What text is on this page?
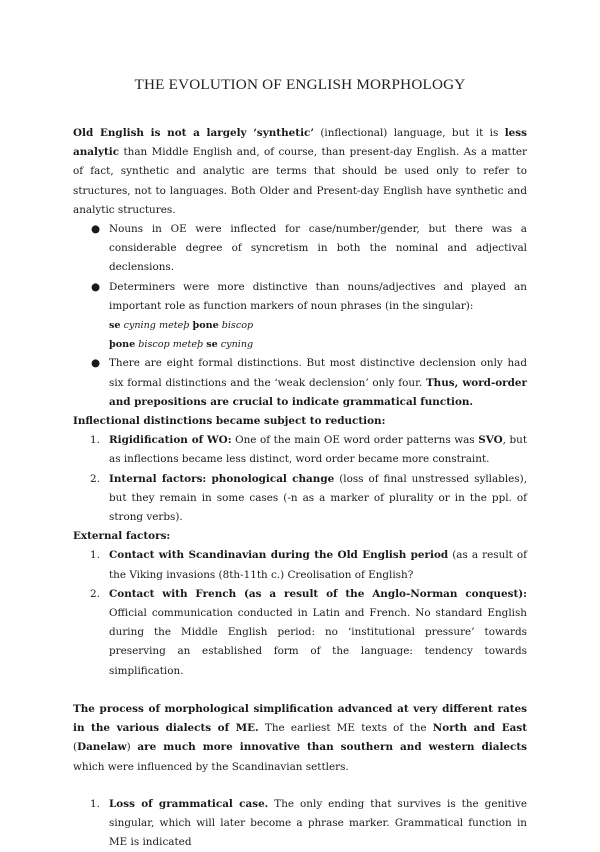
THE EVOLUTION OF ENGLISH MORPHOLOGY

Old English is not a largely ‘synthetic’ (inflectional) language, but it is less analytic than Middle English and, of course, than present-day English. As a matter of fact, synthetic and analytic are terms that should be used only to refer to structures, not to languages. Both Older and Present-day English have synthetic and analytic structures.

● Nouns in OE were inflected for case/number/gender, but there was a considerable degree of syncretism in both the nominal and adjectival declensions.
● Determiners were more distinctive than nouns/adjectives and played an important role as function markers of noun phrases (in the singular):
se cyning meteþ þone biscop
þone biscop meteþ se cyning
● There are eight formal distinctions. But most distinctive declension only had six formal distinctions and the ‘weak declension’ only four. Thus, word-order and prepositions are crucial to indicate grammatical function.

Inflectional distinctions became subject to reduction:

1. Rigidification of WO: One of the main OE word order patterns was SVO, but as inflections became less distinct, word order became more constraint.
2. Internal factors: phonological change (loss of final unstressed syllables), but they remain in some cases (-n as a marker of plurality or in the ppl. of strong verbs).

External factors:

1. Contact with Scandinavian during the Old English period (as a result of the Viking invasions (8th-11th c.) Creolisation of English?
2. Contact with French (as a result of the Anglo-Norman conquest): Official communication conducted in Latin and French. No standard English during the Middle English period: no ‘institutional pressure’ towards preserving an established form of the language: tendency towards simplification.

The process of morphological simplification advanced at very different rates in the various dialects of ME. The earliest ME texts of the North and East (Danelaw) are much more innovative than southern and western dialects which were influenced by the Scandinavian settlers.

1. Loss of grammatical case. The only ending that survives is the genitive singular, which will later become a phrase marker. Grammatical function in ME is indicated
